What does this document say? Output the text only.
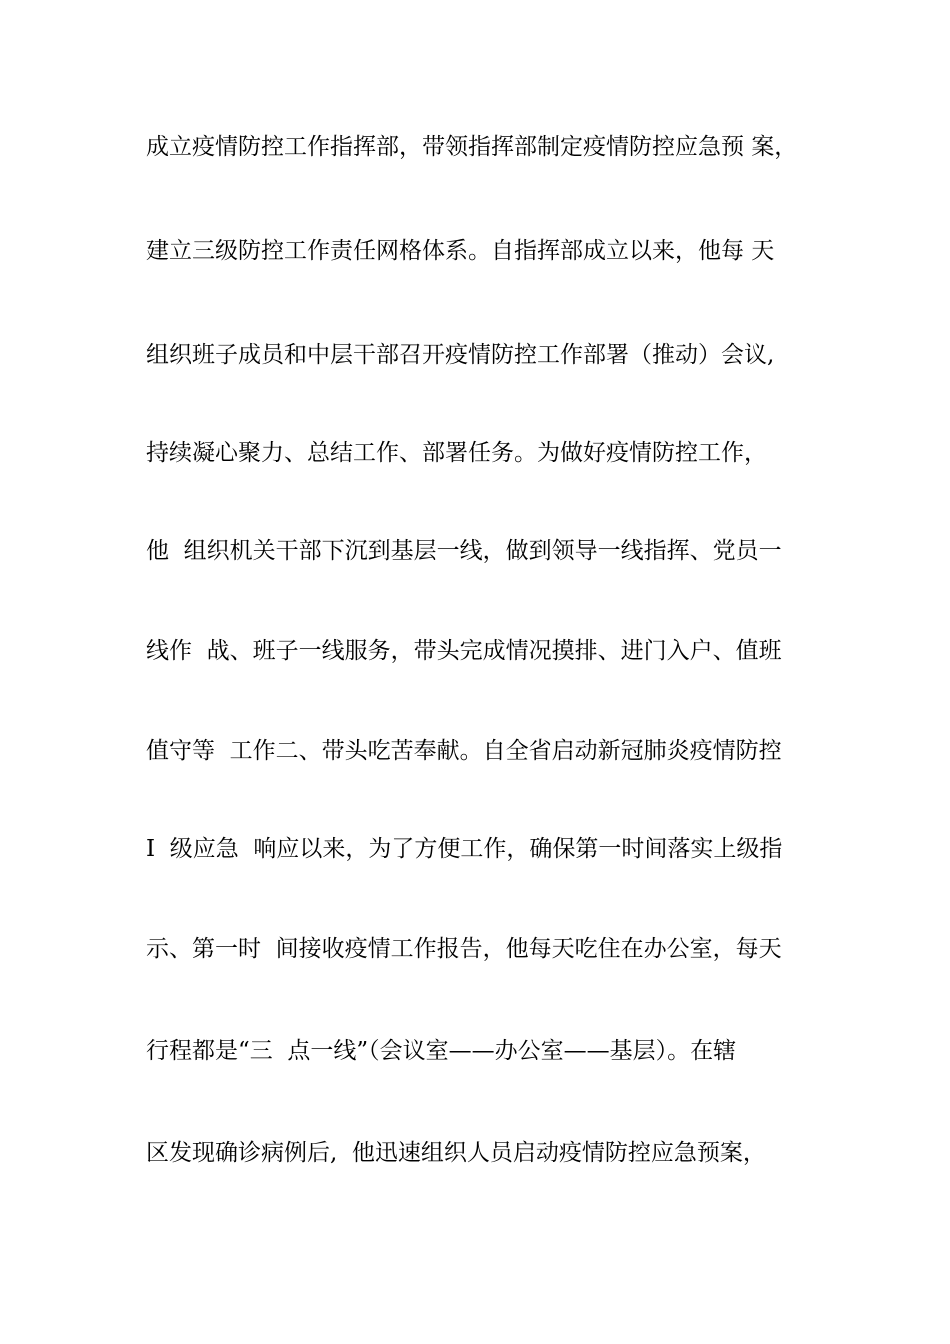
成立疫情防控工作指挥部，带领指挥部制定疫情防控应急预 案，
建立三级防控工作责任网格体系。自指挥部成立以来，他每 天
组织班子成员和中层干部召开疫情防控工作部署（推动）会议,
持续凝心聚力、总结工作、部署任务。为做好疫情防控工作，
他  组织机关干部下沉到基层一线，做到领导一线指挥、党员一
线作  战、班子一线服务，带头完成情况摸排、进门入户、值班
值守等  工作二、带头吃苦奉献。自全省启动新冠肺炎疫情防控
I  级应急  响应以来，为了方便工作，确保第一时间落实上级指
示、第一时  间接收疫情工作报告，他每天吃住在办公室，每天
行程都是“三  点一线”（会议室——办公室——基层）。在辖
区发现确诊病例后,  他迅速组织人员启动疫情防控应急预案，
